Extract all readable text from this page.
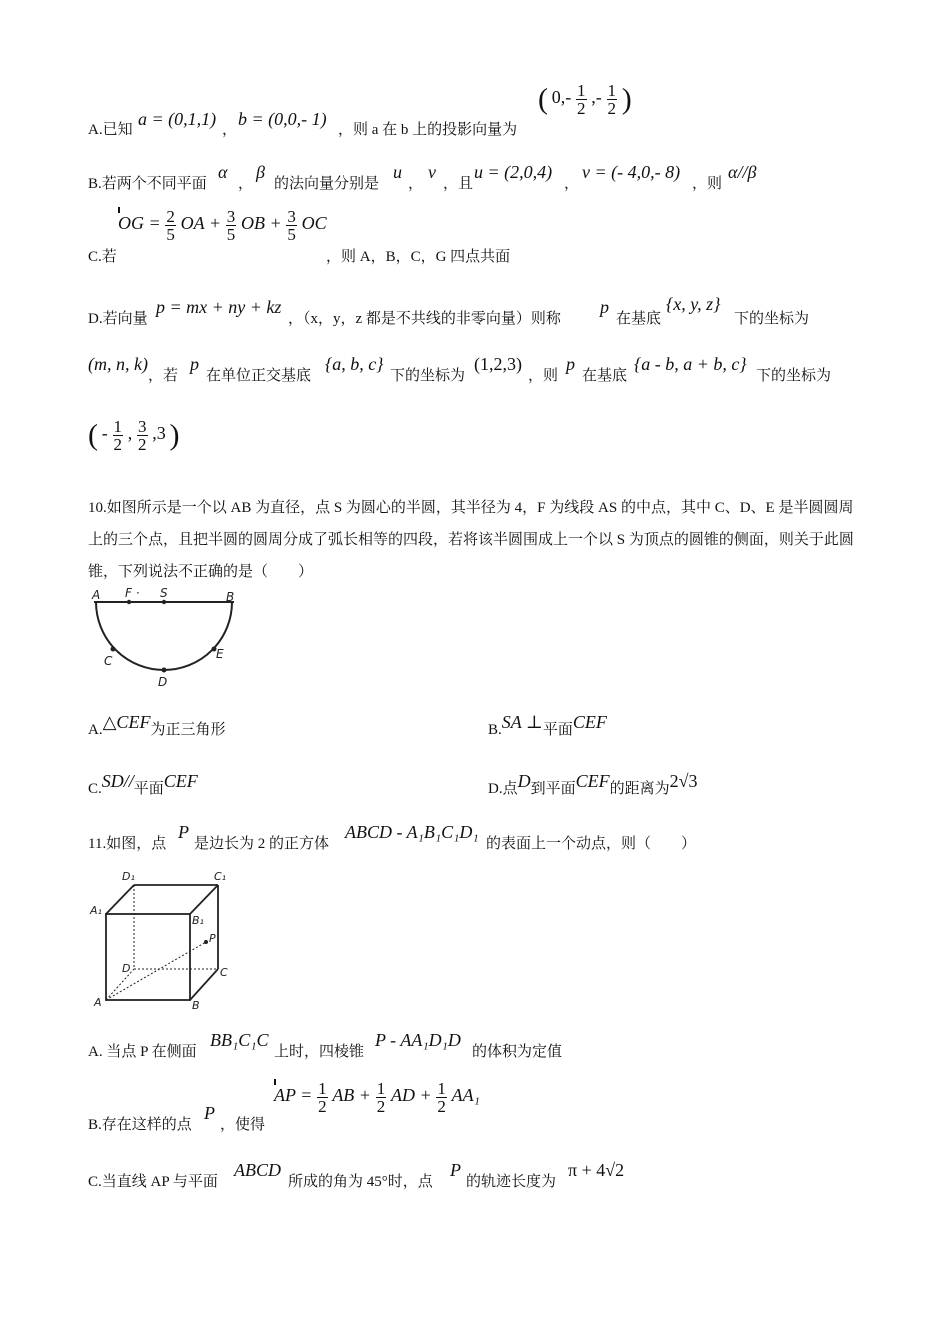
A.已知
a = (0,1,1)
，
b = (0,0,- 1)
，则 a 在 b 上的投影向量为
( $0,- \frac{1}{2}$ ,- $\frac{1}{2}$ )
B.若两个不同平面
α
，
β
的法向量分别是
u
，
v
，且
u = (2,0,4)
，
v = (- 4,0,- 8)
，则
α//β
C.若
OG = $\frac{2}{5}$ OA + $\frac{3}{5}$ OB + $\frac{3}{5}$ OC
，则 A，B，C，G 四点共面
D.若向量
p = mx + ny + kz
，（x，y，z 都是不共线的非零向量）则称
p
在基底
{x, y, z}
下的坐标为
(m, n, k)
，若
p
在单位正交基底
{a, b, c}
下的坐标为
(1,2,3)
，则
p
在基底
{a - b, a + b, c}
下的坐标为
( - $\frac{1}{2}$ , $\frac{3}{2} ,3$ )
10.如图所示是一个以 AB 为直径，点 S 为圆心的半圆，其半径为 4，F 为线段 AS 的中点，其中 C、D、E 是半圆圆周上的三个点，且把半圆的圆周分成了弧长相等的四段，若将该半圆围成上一个以 S 为顶点的圆锥的侧面，则关于此圆锥，下列说法不正确的是（　　）
A F · S	B
C
D
E
A.△CEF为正三角形	B.SA ⊥平面CEF
C.SD//平面CEF	D.点D到平面CEF的距离为2√3
11.如图，点
P
是边长为 2 的正方体
ABCD - A₁B₁C₁D₁
的表面上一个动点，则（　　）
D₁	C₁
A₁
B₁
P
D	C
A	B
A. 当点 P 在侧面
BB₁C₁C
上时，四棱锥
P - AA₁D₁D
的体积为定值
B.存在这样的点
P
，使得
AP = $\frac{1}{2}$ AB + $\frac{1}{2}$ AD + $\frac{1}{2} AA_1$
C.当直线 AP 与平面
ABCD
所成的角为 45°时，点
P
的轨迹长度为
π + 4√2
